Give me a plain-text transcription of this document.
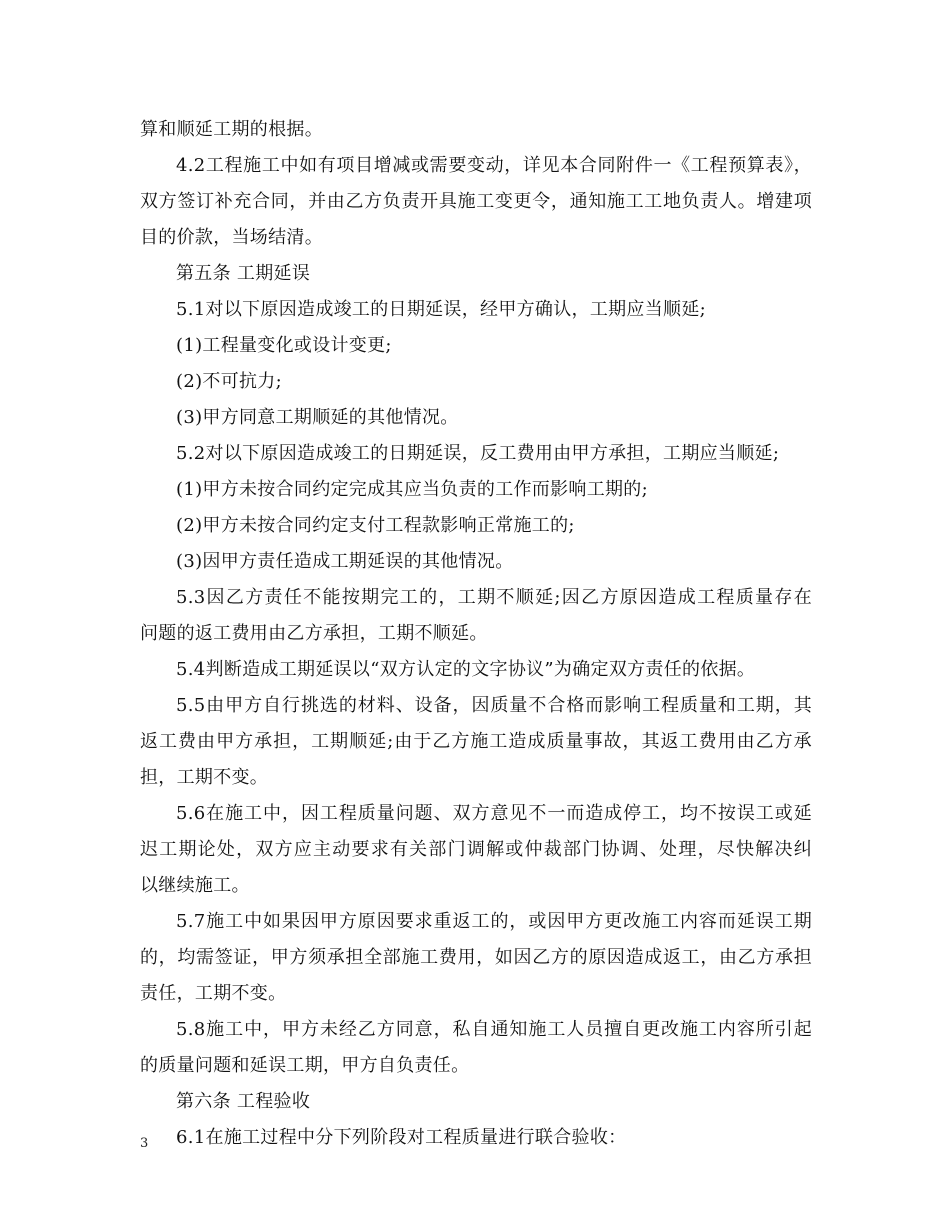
算和顺延工期的根据。
4.2工程施工中如有项目增减或需要变动，详见本合同附件一《工程预算表》，
双方签订补充合同，并由乙方负责开具施工变更令，通知施工工地负责人。增建项
目的价款，当场结清。
第五条 工期延误
5.1对以下原因造成竣工的日期延误，经甲方确认，工期应当顺延;
(1)工程量变化或设计变更;
(2)不可抗力;
(3)甲方同意工期顺延的其他情况。
5.2对以下原因造成竣工的日期延误，反工费用由甲方承担，工期应当顺延;
(1)甲方未按合同约定完成其应当负责的工作而影响工期的;
(2)甲方未按合同约定支付工程款影响正常施工的;
(3)因甲方责任造成工期延误的其他情况。
5.3因乙方责任不能按期完工的，工期不顺延;因乙方原因造成工程质量存在
问题的返工费用由乙方承担，工期不顺延。
5.4判断造成工期延误以“双方认定的文字协议”为确定双方责任的依据。
5.5由甲方自行挑选的材料、设备，因质量不合格而影响工程质量和工期，其
返工费由甲方承担，工期顺延;由于乙方施工造成质量事故，其返工费用由乙方承
担，工期不变。
5.6在施工中，因工程质量问题、双方意见不一而造成停工，均不按误工或延
迟工期论处，双方应主动要求有关部门调解或仲裁部门协调、处理，尽快解决纠
以继续施工。
5.7施工中如果因甲方原因要求重返工的，或因甲方更改施工内容而延误工期
的，均需签证，甲方须承担全部施工费用，如因乙方的原因造成返工，由乙方承担
责任，工期不变。
5.8施工中，甲方未经乙方同意，私自通知施工人员擅自更改施工内容所引起
的质量问题和延误工期，甲方自负责任。
第六条 工程验收
6.1在施工过程中分下列阶段对工程质量进行联合验收：
3
